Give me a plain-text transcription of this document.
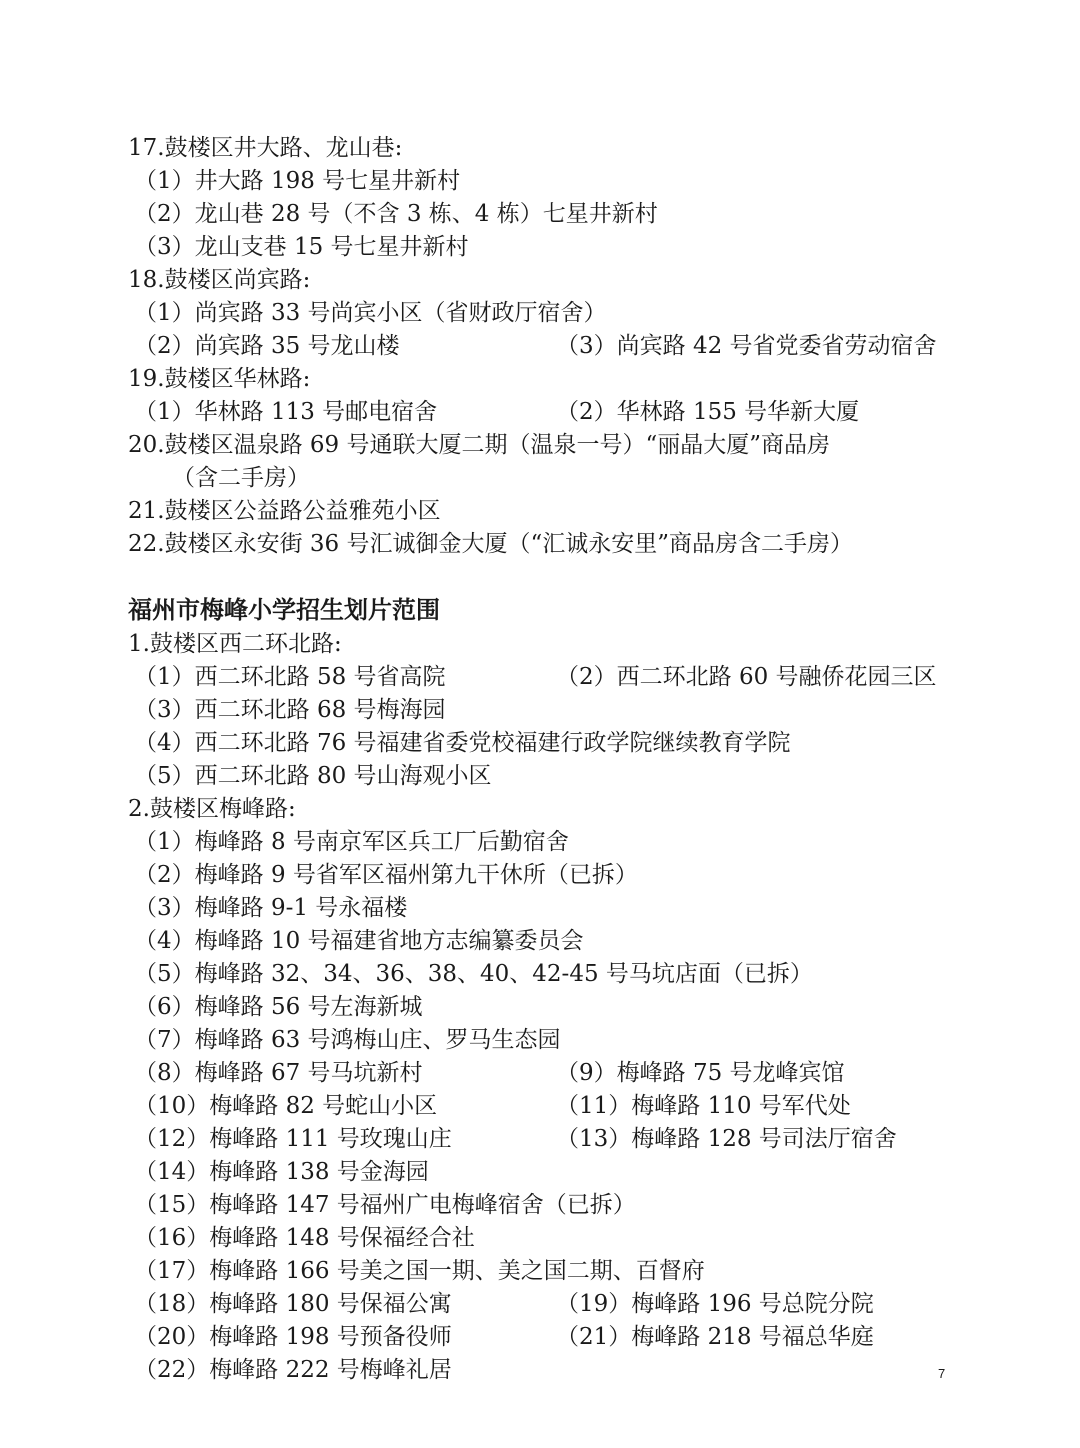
17.鼓楼区井大路、龙山巷:
（1）井大路 198 号七星井新村
（2）龙山巷 28 号（不含 3 栋、4 栋）七星井新村
（3）龙山支巷 15 号七星井新村
18.鼓楼区尚宾路:
（1）尚宾路 33 号尚宾小区（省财政厅宿舍）
（2）尚宾路 35 号龙山楼	（3）尚宾路 42 号省党委省劳动宿舍
19.鼓楼区华林路:
（1）华林路 113 号邮电宿舍	（2）华林路 155 号华新大厦
20.鼓楼区温泉路 69 号通联大厦二期（温泉一号）“丽晶大厦”商品房
（含二手房）
21.鼓楼区公益路公益雅苑小区
22.鼓楼区永安街 36 号汇诚御金大厦（“汇诚永安里”商品房含二手房）
福州市梅峰小学招生划片范围
1.鼓楼区西二环北路:
（1）西二环北路 58 号省高院	（2）西二环北路 60 号融侨花园三区
（3）西二环北路 68 号梅海园
（4）西二环北路 76 号福建省委党校福建行政学院继续教育学院
（5）西二环北路 80 号山海观小区
2.鼓楼区梅峰路:
（1）梅峰路 8 号南京军区兵工厂后勤宿舍
（2）梅峰路 9 号省军区福州第九干休所（已拆）
（3）梅峰路 9-1 号永福楼
（4）梅峰路 10 号福建省地方志编纂委员会
（5）梅峰路 32、34、36、38、40、42-45 号马坑店面（已拆）
（6）梅峰路 56 号左海新城
（7）梅峰路 63 号鸿梅山庄、罗马生态园
（8）梅峰路 67 号马坑新村	（9）梅峰路 75 号龙峰宾馆
（10）梅峰路 82 号蛇山小区	（11）梅峰路 110 号军代处
（12）梅峰路 111 号玫瑰山庄	（13）梅峰路 128 号司法厅宿舍
（14）梅峰路 138 号金海园
（15）梅峰路 147 号福州广电梅峰宿舍（已拆）
（16）梅峰路 148 号保福经合社
（17）梅峰路 166 号美之国一期、美之国二期、百督府
（18）梅峰路 180 号保福公寓	（19）梅峰路 196 号总院分院
（20）梅峰路 198 号预备役师	（21）梅峰路 218 号福总华庭
（22）梅峰路 222 号梅峰礼居	7
